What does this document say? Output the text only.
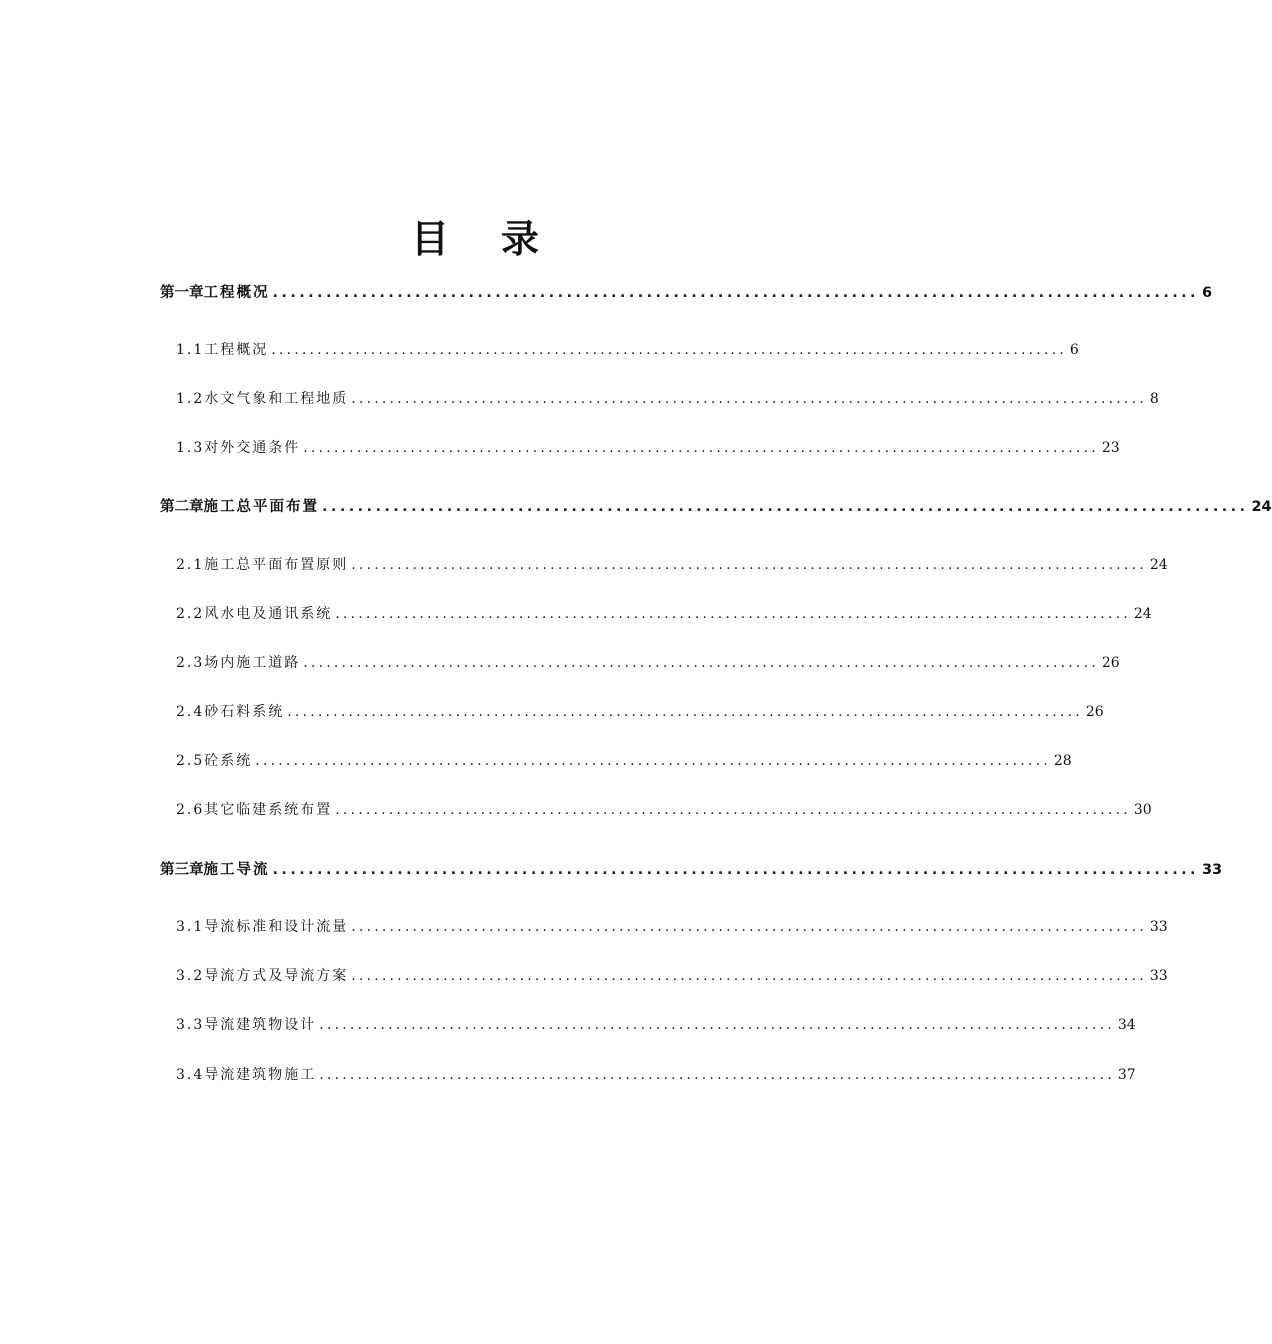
目 录
第一章 工程概况 ........................................................................................................ 6
1.1 工程概况 ........................................................................................................ 6
1.2 水文气象和工程地质 ........................................................................................................ 8
1.3 对外交通条件 ........................................................................................................ 23
第二章 施工总平面布置 ........................................................................................................ 24
2.1 施工总平面布置原则 ........................................................................................................ 24
2.2 风水电及通讯系统 ........................................................................................................ 24
2.3 场内施工道路 ........................................................................................................ 26
2.4 砂石料系统 ........................................................................................................ 26
2.5 砼系统 ........................................................................................................ 28
2.6 其它临建系统布置 ........................................................................................................ 30
第三章 施工导流 ........................................................................................................ 33
3.1 导流标准和设计流量 ........................................................................................................ 33
3.2 导流方式及导流方案 ........................................................................................................ 33
3.3 导流建筑物设计 ........................................................................................................ 34
3.4 导流建筑物施工 ........................................................................................................ 37
